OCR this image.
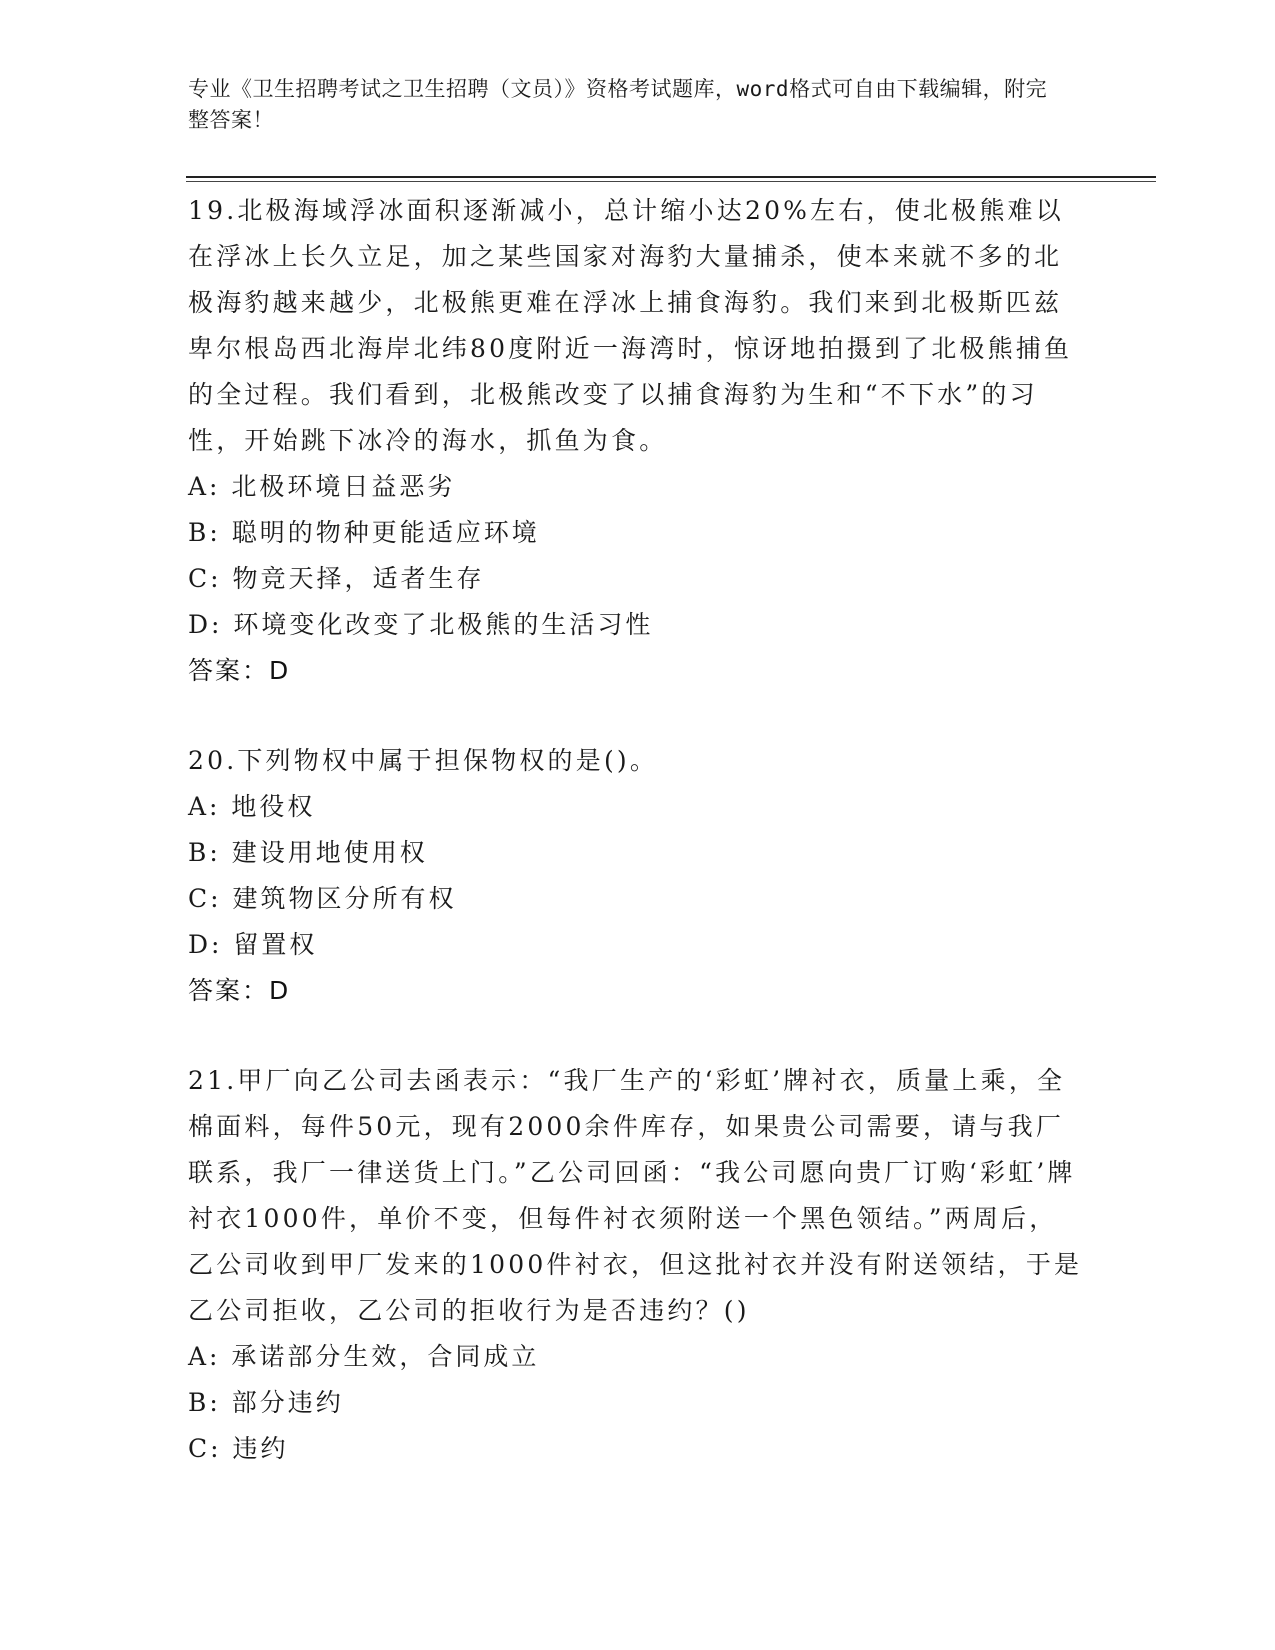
专业《卫生招聘考试之卫生招聘（文员）》资格考试题库，word格式可自由下载编辑，附完整答案！

19.北极海域浮冰面积逐渐减小，总计缩小达20%左右，使北极熊难以在浮冰上长久立足，加之某些国家对海豹大量捕杀，使本来就不多的北极海豹越来越少，北极熊更难在浮冰上捕食海豹。我们来到北极斯匹兹卑尔根岛西北海岸北纬80度附近一海湾时，惊讶地拍摄到了北极熊捕鱼的全过程。我们看到，北极熊改变了以捕食海豹为生和“不下水”的习性，开始跳下冰冷的海水，抓鱼为食。

A: 北极环境日益恶劣

B: 聪明的物种更能适应环境

C: 物竞天择，适者生存

D: 环境变化改变了北极熊的生活习性

答案：D

20.下列物权中属于担保物权的是()。

A: 地役权

B: 建设用地使用权

C: 建筑物区分所有权

D: 留置权

答案：D

21.甲厂向乙公司去函表示：“我厂生产的‘彩虹’牌衬衣，质量上乘，全棉面料，每件50元，现有2000余件库存，如果贵公司需要，请与我厂联系，我厂一律送货上门。”乙公司回函：“我公司愿向贵厂订购‘彩虹’牌衬衣1000件，单价不变，但每件衬衣须附送一个黑色领结。”两周后，乙公司收到甲厂发来的1000件衬衣，但这批衬衣并没有附送领结，于是乙公司拒收，乙公司的拒收行为是否违约？()

A: 承诺部分生效，合同成立

B: 部分违约

C: 违约
